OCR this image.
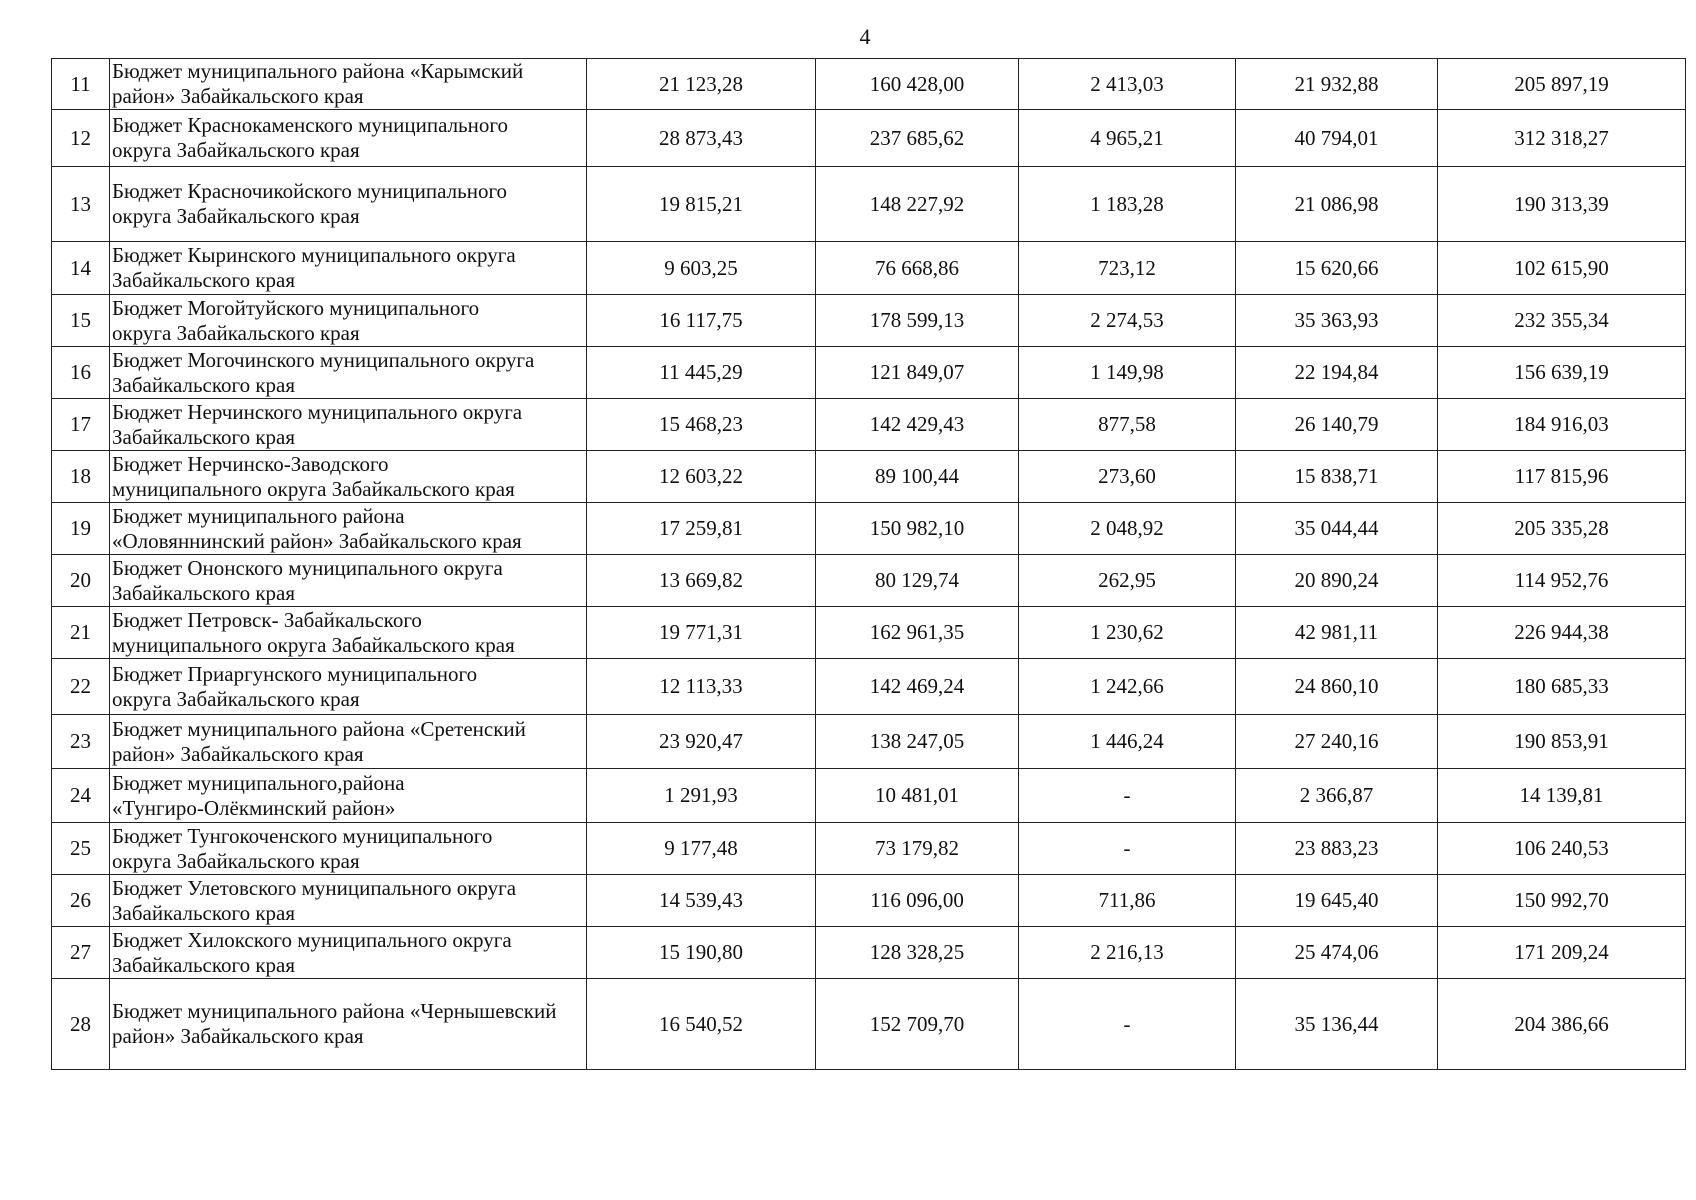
4
11	Бюджет муниципального района «Карымский
район» Забайкальского края	21 123,28	160 428,00	2 413,03	21 932,88	205 897,19
12	Бюджет Краснокаменского муниципального
округа Забайкальского края	28 873,43	237 685,62	4 965,21	40 794,01	312 318,27
13	Бюджет Красночикойского муниципального
округа Забайкальского края	19 815,21	148 227,92	1 183,28	21 086,98	190 313,39
14	Бюджет Кыринского муниципального округа
Забайкальского края	9 603,25	76 668,86	723,12	15 620,66	102 615,90
15	Бюджет Могойтуйского муниципального
округа Забайкальского края	16 117,75	178 599,13	2 274,53	35 363,93	232 355,34
16	Бюджет Могочинского муниципального округа
Забайкальского края	11 445,29	121 849,07	1 149,98	22 194,84	156 639,19
17	Бюджет Нерчинского муниципального округа
Забайкальского края	15 468,23	142 429,43	877,58	26 140,79	184 916,03
18	Бюджет Нерчинско-Заводского
муниципального округа Забайкальского края	12 603,22	89 100,44	273,60	15 838,71	117 815,96
19	Бюджет муниципального района
«Оловяннинский район» Забайкальского края	17 259,81	150 982,10	2 048,92	35 044,44	205 335,28
20	Бюджет Ононского муниципального округа
Забайкальского края	13 669,82	80 129,74	262,95	20 890,24	114 952,76
21	Бюджет Петровск- Забайкальского
муниципального округа Забайкальского края	19 771,31	162 961,35	1 230,62	42 981,11	226 944,38
22	Бюджет Приаргунского муниципального
округа Забайкальского края	12 113,33	142 469,24	1 242,66	24 860,10	180 685,33
23	Бюджет муниципального района «Сретенский
район» Забайкальского края	23 920,47	138 247,05	1 446,24	27 240,16	190 853,91
24	Бюджет муниципального,района
«Тунгиро-Олёкминский район»	1 291,93	10 481,01	-	2 366,87	14 139,81
25	Бюджет Тунгокоченского муниципального
округа Забайкальского края	9 177,48	73 179,82	-	23 883,23	106 240,53
26	Бюджет Улетовского муниципального округа
Забайкальского края	14 539,43	116 096,00	711,86	19 645,40	150 992,70
27	Бюджет Хилокского муниципального округа
Забайкальского края	15 190,80	128 328,25	2 216,13	25 474,06	171 209,24
28	Бюджет муниципального района «Чернышевский
район» Забайкальского края	16 540,52	152 709,70	-	35 136,44	204 386,66
